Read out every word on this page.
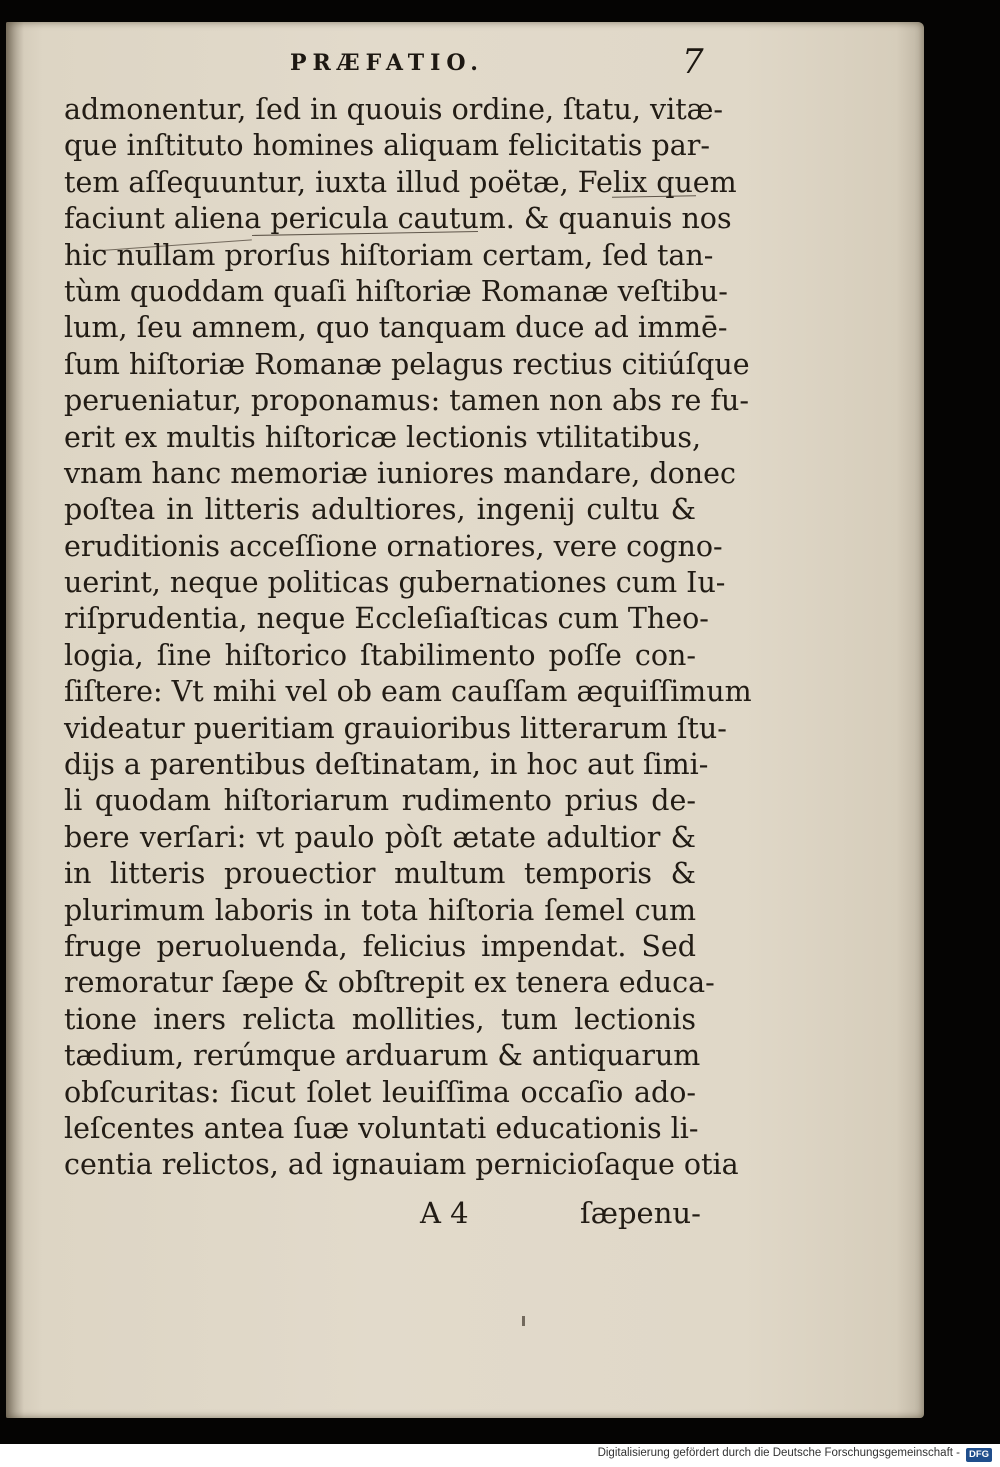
PRÆFATIO.	7
admonentur, ſed in quouis ordine, ſtatu, vitæ-
que inſtituto homines aliquam felicitatis par-
tem aſſequuntur, iuxta illud poëtæ, Felix quem
faciunt aliena pericula cautum. & quanuis nos
hic nullam prorſus hiſtoriam certam, ſed tan-
tùm quoddam quaſi hiſtoriæ Romanæ veſtibu-
lum, ſeu amnem, quo tanquam duce ad immē-
ſum hiſtoriæ Romanæ pelagus rectius citiúſque
perueniatur, proponamus: tamen non abs re fu-
erit ex multis hiſtoricæ lectionis vtilitatibus,
vnam hanc memoriæ iuniores mandare, donec
poſtea in litteris adultiores, ingenij cultu &
eruditionis acceſſione ornatiores, vere cogno-
uerint, neque politicas gubernationes cum Iu-
riſprudentia, neque Eccleſiaſticas cum Theo-
logia, ſine hiſtorico ſtabilimento poſſe con-
ſiſtere: Vt mihi vel ob eam cauſſam æquiſſimum
videatur pueritiam grauioribus litterarum ſtu-
dijs a parentibus deſtinatam, in hoc aut ſimi-
li quodam hiſtoriarum rudimento prius de-
bere verſari: vt paulo pòſt ætate adultior &
in litteris prouectior multum temporis &
plurimum laboris in tota hiſtoria ſemel cum
fruge peruoluenda, felicius impendat. Sed
remoratur ſæpe & obſtrepit ex tenera educa-
tione iners relicta mollities, tum lectionis
tædium, rerúmque arduarum & antiquarum
obſcuritas: ſicut ſolet leuiſſima occaſio ado-
leſcentes antea ſuæ voluntati educationis li-
centia relictos, ad ignauiam pernicioſaque otia
A 4	ſæpenu-
Digitalisierung gefördert durch die Deutsche Forschungsgemeinschaft - DFG
